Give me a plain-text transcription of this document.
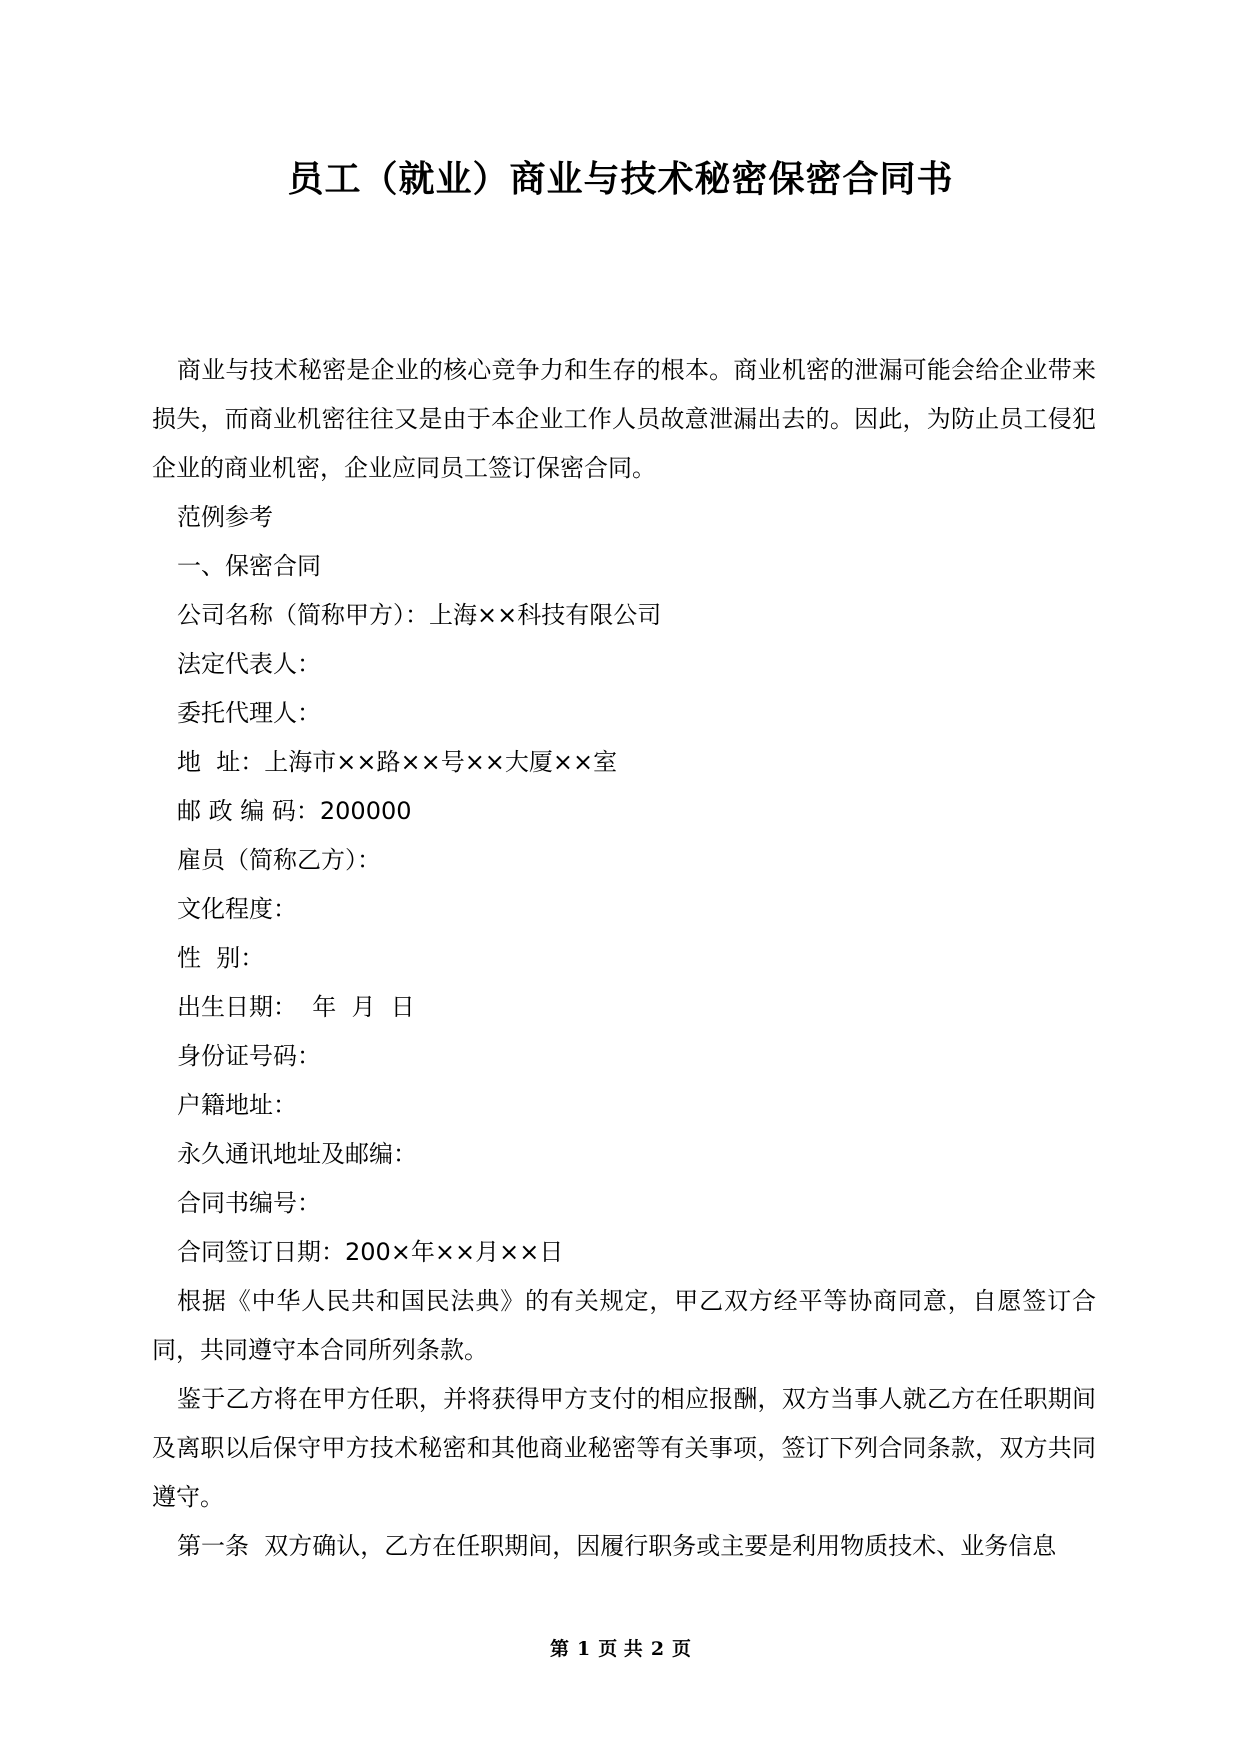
员工（就业）商业与技术秘密保密合同书

商业与技术秘密是企业的核心竞争力和生存的根本。商业机密的泄漏可能会给企业带来损失，而商业机密往往又是由于本企业工作人员故意泄漏出去的。因此，为防止员工侵犯企业的商业机密，企业应同员工签订保密合同。

范例参考

一、保密合同

公司名称（简称甲方）：上海××科技有限公司

法定代表人：

委托代理人：

地  址：上海市××路××号××大厦××室

邮 政 编 码：200000

雇员（简称乙方）：

文化程度：

性  别：

出生日期：  年  月  日

身份证号码：

户籍地址：

永久通讯地址及邮编：

合同书编号：

合同签订日期：200×年××月××日

根据《中华人民共和国民法典》的有关规定，甲乙双方经平等协商同意，自愿签订合同，共同遵守本合同所列条款。

鉴于乙方将在甲方任职，并将获得甲方支付的相应报酬，双方当事人就乙方在任职期间及离职以后保守甲方技术秘密和其他商业秘密等有关事项，签订下列合同条款，双方共同遵守。

第一条  双方确认，乙方在任职期间，因履行职务或主要是利用物质技术、业务信息

第 1 页 共 2 页
